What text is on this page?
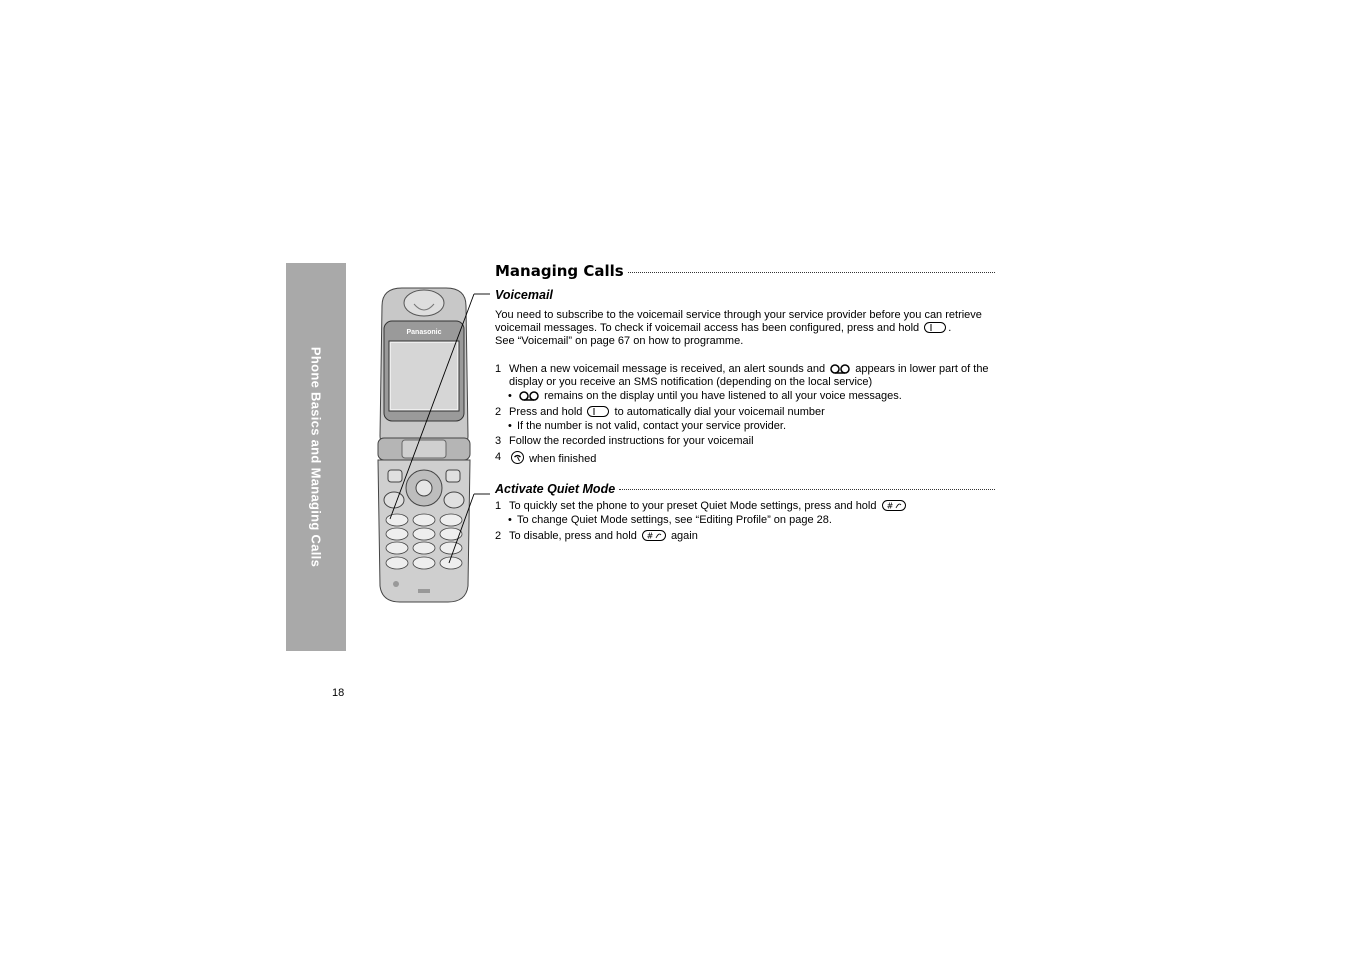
Phone Basics and Managing Calls
18
Panasonic
Managing Calls
Voicemail

You need to subscribe to the voicemail service through your service provider before you can retrieve voicemail messages. To check if voicemail access has been configured, press and hold	.
See “Voicemail” on page 67 on how to programme.

1 When a new voicemail message is received, an alert sounds and	appears in lower part of the display or you receive an SMS notification (depending on the local service)
•	remains on the display until you have listened to all your voice messages.
2 Press and hold	to automatically dial your voicemail number
• If the number is not valid, contact your service provider.
3 Follow the recorded instructions for your voicemail
4	when finished
Activate Quiet Mode
1 To quickly set the phone to your preset Quiet Mode settings, press and hold #
• To change Quiet Mode settings, see “Editing Profile” on page 28.
2 To disable, press and hold # again
